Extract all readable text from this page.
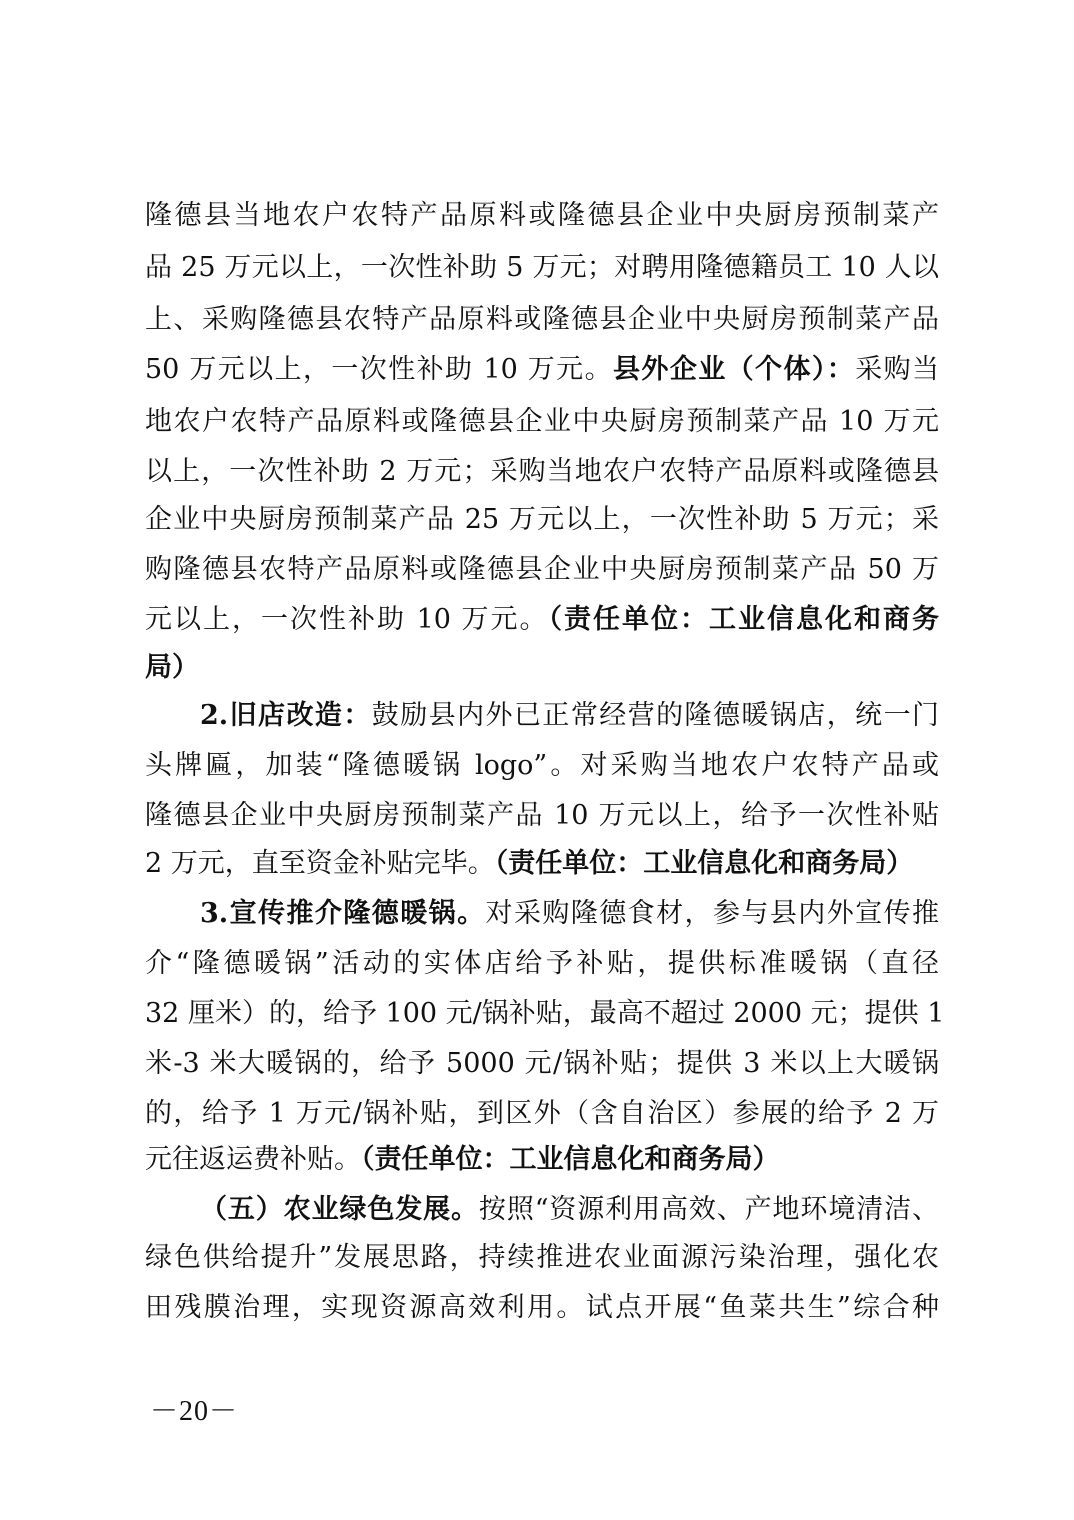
隆德县当地农户农特产品原料或隆德县企业中央厨房预制菜产
品 25 万元以上，一次性补助 5 万元；对聘用隆德籍员工 10 人以
上、采购隆德县农特产品原料或隆德县企业中央厨房预制菜产品
50 万元以上，一次性补助 10 万元。县外企业（个体）：采购当
地农户农特产品原料或隆德县企业中央厨房预制菜产品 10 万元
以上，一次性补助 2 万元；采购当地农户农特产品原料或隆德县
企业中央厨房预制菜产品 25 万元以上，一次性补助 5 万元；采
购隆德县农特产品原料或隆德县企业中央厨房预制菜产品 50 万
元以上，一次性补助 10 万元。（责任单位：工业信息化和商务
局）
2.旧店改造：鼓励县内外已正常经营的隆德暖锅店，统一门
头牌匾，加装“隆德暖锅 logo”。对采购当地农户农特产品或
隆德县企业中央厨房预制菜产品 10 万元以上，给予一次性补贴
2 万元，直至资金补贴完毕。（责任单位：工业信息化和商务局）
3.宣传推介隆德暖锅。对采购隆德食材，参与县内外宣传推
介“隆德暖锅”活动的实体店给予补贴，提供标准暖锅（直径
32 厘米）的，给予 100 元/锅补贴，最高不超过 2000 元；提供 1
米-3 米大暖锅的，给予 5000 元/锅补贴；提供 3 米以上大暖锅
的，给予 1 万元/锅补贴，到区外（含自治区）参展的给予 2 万
元往返运费补贴。（责任单位：工业信息化和商务局）
（五）农业绿色发展。按照“资源利用高效、产地环境清洁、
绿色供给提升”发展思路，持续推进农业面源污染治理，强化农
田残膜治理，实现资源高效利用。试点开展“鱼菜共生”综合种
－20－
